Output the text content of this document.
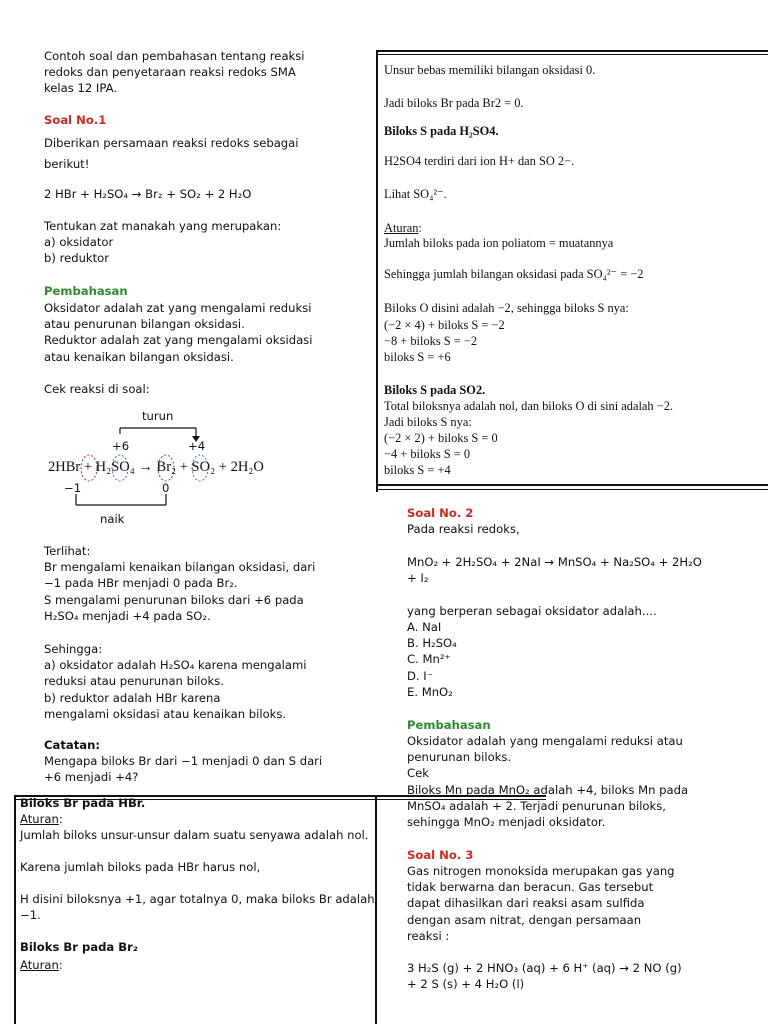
Contoh soal dan pembahasan tentang reaksi
redoks dan penyetaraan reaksi redoks SMA
kelas 12 IPA.
Soal No.1
Diberikan persamaan reaksi redoks sebagai
berikut!
2 HBr + H₂SO₄ → Br₂ + SO₂ + 2 H₂O
Tentukan zat manakah yang merupakan:
a) oksidator
b) reduktor
Pembahasan
Oksidator adalah zat yang mengalami reduksi
atau penurunan bilangan oksidasi.
Reduktor adalah zat yang mengalami oksidasi
atau kenaikan bilangan oksidasi.
Cek reaksi di soal:
turun
+6	+4
2HBr + H₂SO₄ → Br₂ + SO₂ + 2H₂O
−1	0
naik
Terlihat:
Br mengalami kenaikan bilangan oksidasi, dari
−1 pada HBr menjadi 0 pada Br₂.
S mengalami penurunan biloks dari +6 pada
H₂SO₄ menjadi +4 pada SO₂.
Sehingga:
a) oksidator adalah H₂SO₄ karena mengalami
reduksi atau penurunan biloks.
b) reduktor adalah HBr karena
mengalami oksidasi atau kenaikan biloks.
Catatan:
Mengapa biloks Br dari −1 menjadi 0 dan S dari
+6 menjadi +4?
Biloks Br pada HBr.
Aturan:
Jumlah biloks unsur-unsur dalam suatu senyawa adalah nol.
Karena jumlah biloks pada HBr harus nol,
H disini biloksnya +1, agar totalnya 0, maka biloks Br adalah
−1.
Biloks Br pada Br₂
Aturan:
Unsur bebas memiliki bilangan oksidasi 0.
Jadi biloks Br pada Br2 = 0.
Biloks S pada H₂SO4.
H2SO4 terdiri dari ion H+ dan SO 2−.
Lihat SO₄²⁻.
Aturan:
Jumlah biloks pada ion poliatom = muatannya
Sehingga jumlah bilangan oksidasi pada SO₄²⁻ = −2
Biloks O disini adalah −2, sehingga biloks S nya:
(−2 × 4) + biloks S = −2
−8 + biloks S = −2
biloks S = +6
Biloks S pada SO2.
Total biloksnya adalah nol, dan biloks O di sini adalah −2.
Jadi biloks S nya:
(−2 × 2) + biloks S = 0
−4 + biloks S = 0
biloks S = +4
Soal No. 2
Pada reaksi redoks,
MnO₂ + 2H₂SO₄ + 2NaI → MnSO₄ + Na₂SO₄ + 2H₂O
+ I₂
yang berperan sebagai oksidator adalah....
A. NaI
B. H₂SO₄
C. Mn²⁺
D. I⁻
E. MnO₂
Pembahasan
Oksidator adalah yang mengalami reduksi atau
penurunan biloks.
Cek
Biloks Mn pada MnO₂ adalah +4, biloks Mn pada
MnSO₄ adalah + 2. Terjadi penurunan biloks,
sehingga MnO₂ menjadi oksidator.
Soal No. 3
Gas nitrogen monoksida merupakan gas yang
tidak berwarna dan beracun. Gas tersebut
dapat dihasilkan dari reaksi asam sulfida
dengan asam nitrat, dengan persamaan
reaksi :
3 H₂S (g) + 2 HNO₃ (aq) + 6 H⁺ (aq) → 2 NO (g)
+ 2 S (s) + 4 H₂O (l)
